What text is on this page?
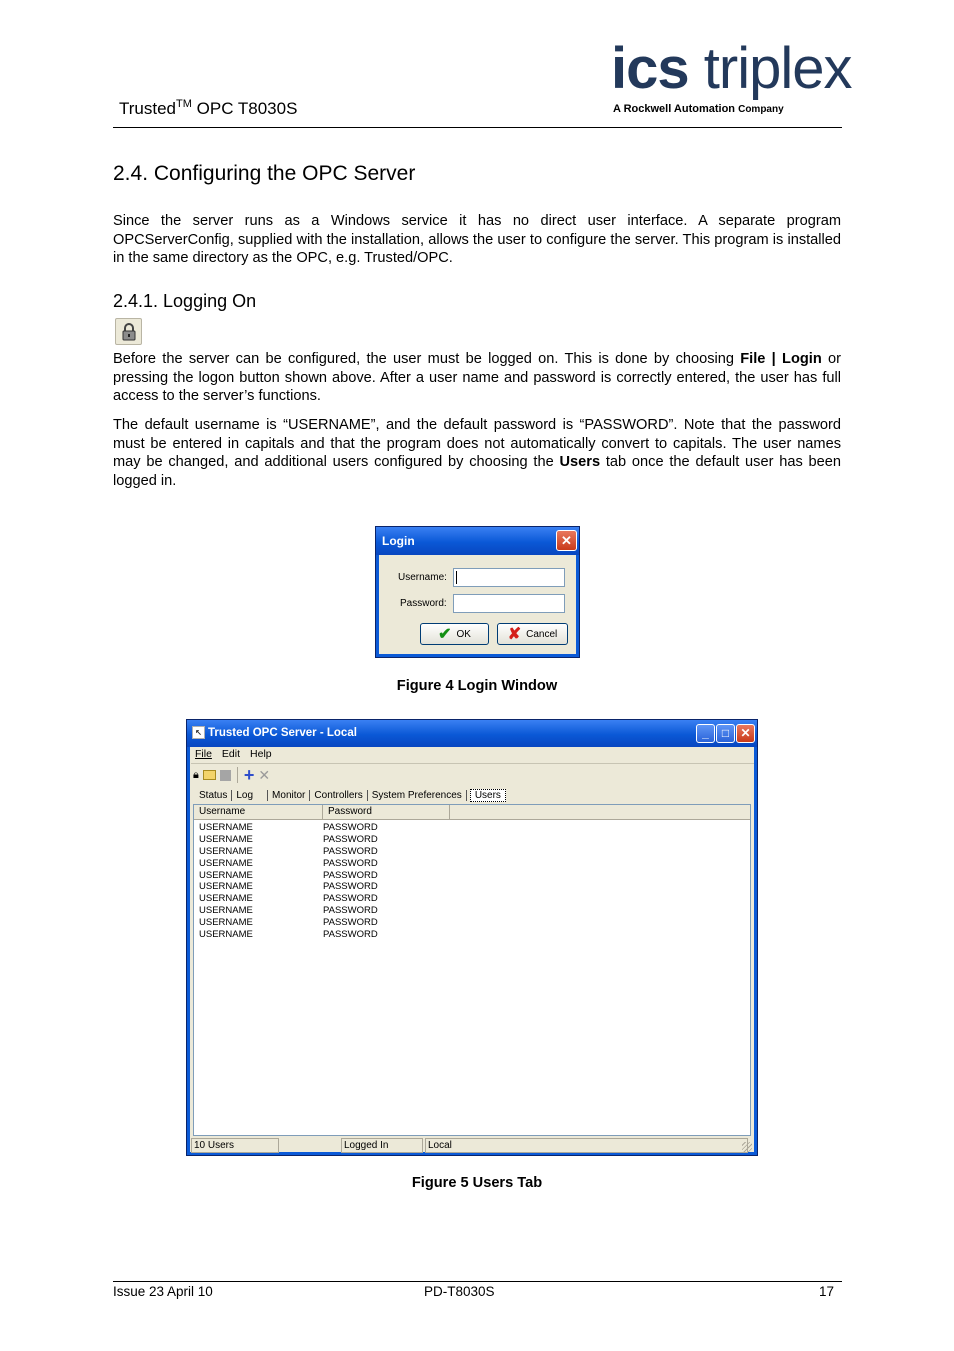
Trusted™ OPC T8030S
ics triplex
A Rockwell Automation Company
2.4. Configuring the OPC Server
Since the server runs as a Windows service it has no direct user interface. A separate program OPCServerConfig, supplied with the installation, allows the user to configure the server. This program is installed in the same directory as the OPC, e.g. Trusted/OPC.
2.4.1. Logging On
Before the server can be configured, the user must be logged on. This is done by choosing File | Login or pressing the logon button shown above. After a user name and password is correctly entered, the user has full access to the server’s functions.
The default username is “USERNAME”, and the default password is “PASSWORD”. Note that the password must be entered in capitals and that the program does not automatically convert to capitals. The user names may be changed, and additional users configured by choosing the Users tab once the default user has been logged in.
Login	✕
Username:
Password:
✔ OK ✘ Cancel
Figure 4 Login Window
↖ Trusted OPC Server - Local	_	□ ✕
File Edit Help
🔒︎	+ ✕
Status Log	Monitor Controllers System Preferences	Users
Username	Password
USERNAME	PASSWORD
USERNAME	PASSWORD
USERNAME	PASSWORD
USERNAME	PASSWORD
USERNAME	PASSWORD
USERNAME	PASSWORD
USERNAME	PASSWORD
USERNAME	PASSWORD
USERNAME	PASSWORD
USERNAME	PASSWORD
10 Users	Logged In	Local
Figure 5 Users Tab
Issue 23 April 10	PD-T8030S	17
